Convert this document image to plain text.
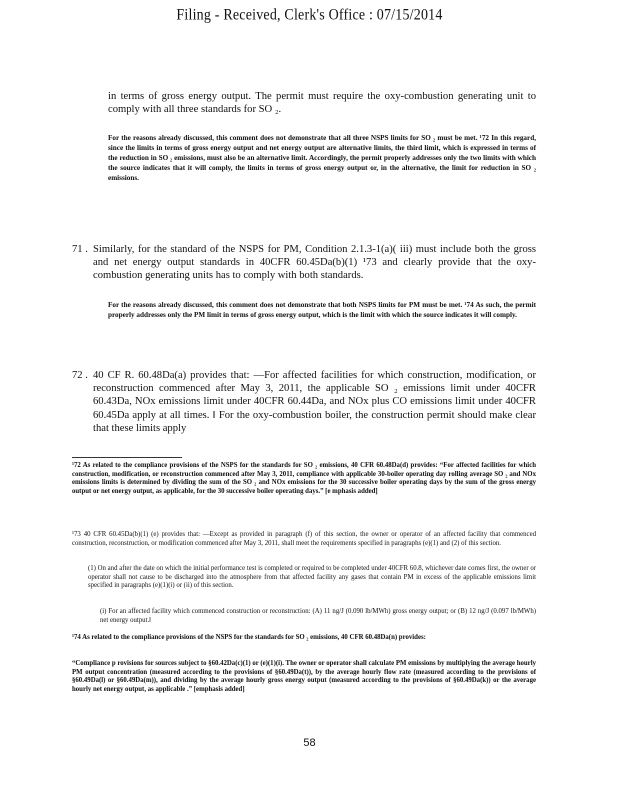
Filing - Received, Clerk's Office : 07/15/2014
in terms of gross energy output. The permit must require the oxy-combustion generating unit to comply with all three standards for SO ₂.
For the reasons already discussed, this comment does not demonstrate that all three NSPS limits for SO ₂ must be met. ¹72 In this regard, since the limits in terms of gross energy output and net energy output are alternative limits, the third limit, which is expressed in terms of the reduction in SO ₂ emissions, must also be an alternative limit. Accordingly, the permit properly addresses only the two limits with which the source indicates that it will comply, the limits in terms of gross energy output or, in the alternative, the limit for reduction in SO ₂ emissions.
71 . Similarly, for the standard of the NSPS for PM, Condition 2.1.3-1(a)( iii) must include both the gross and net energy output standards in 40CFR 60.45Da(b)(1) ¹73 and clearly provide that the oxy-combustion generating units has to comply with both standards.
For the reasons already discussed, this comment does not demonstrate that both NSPS limits for PM must be met. ¹74 As such, the permit properly addresses only the PM limit in terms of gross energy output, which is the limit with which the source indicates it will comply.
72 . 40 CF R. 60.48Da(a) provides that: —For affected facilities for which construction, modification, or reconstruction commenced after May 3, 2011, the applicable SO ₂ emissions limit under 40CFR 60.43Da, NOx emissions limit under 40CFR 60.44Da, and NOx plus CO emissions limit under 40CFR 60.45Da apply at all times. ‖ For the oxy-combustion boiler, the construction permit should make clear that these limits apply
¹72 As related to the compliance provisions of the NSPS for the standards for SO ₂ emissions, 40 CFR 60.48Da(d) provides: “For affected facilities for which construction, modification, or reconstruction commenced after May 3, 2011, compliance with applicable 30-boiler operating day rolling average SO ₂ and NOx emissions limits is determined by dividing the sum of the SO ₂ and NOx emissions for the 30 successive boiler operating days by the sum of the gross energy output or net energy output, as applicable, for the 30 successive boiler operating days.” [e mphasis added]
¹73 40 CFR 60.45Da(b)(1) (e) provides that: —Except as provided in paragraph (f) of this section, the owner or operator of an affected facility that commenced construction, reconstruction, or modification commenced after May 3, 2011, shall meet the requirements specified in paragraphs (e)(1) and (2) of this section.
(1) On and after the date on which the initial performance test is completed or required to be completed under 40CFR 60.8, whichever date comes first, the owner or operator shall not cause to be discharged into the atmosphere from that affected facility any gases that contain PM in excess of the applicable emissions limit specified in paragraphs (e)(1)(i) or (ii) of this section.
(i) For an affected facility which commenced construction or reconstruction: (A) 11 ng/J (0.090 lb/MWh) gross energy output; or (B) 12 ng/J (0.097 lb/MWh) net energy output.‖
¹74 As related to the compliance provisions of the NSPS for the standards for SO ₂ emissions, 40 CFR 60.48Da(n) provides:
“Compliance p rovisions for sources subject to §60.42Da(c)(1) or (e)(1)(i). The owner or operator shall calculate PM emissions by multiplying the average hourly PM output concentration (measured according to the provisions of §60.49Da(t)), by the average hourly flow rate (measured according to the provisions of §60.49Da(l) or §60.49Da(m)), and dividing by the average hourly gross energy output (measured according to the provisions of §60.49Da(k)) or the average hourly net energy output, as applicable .” [emphasis added]
58
